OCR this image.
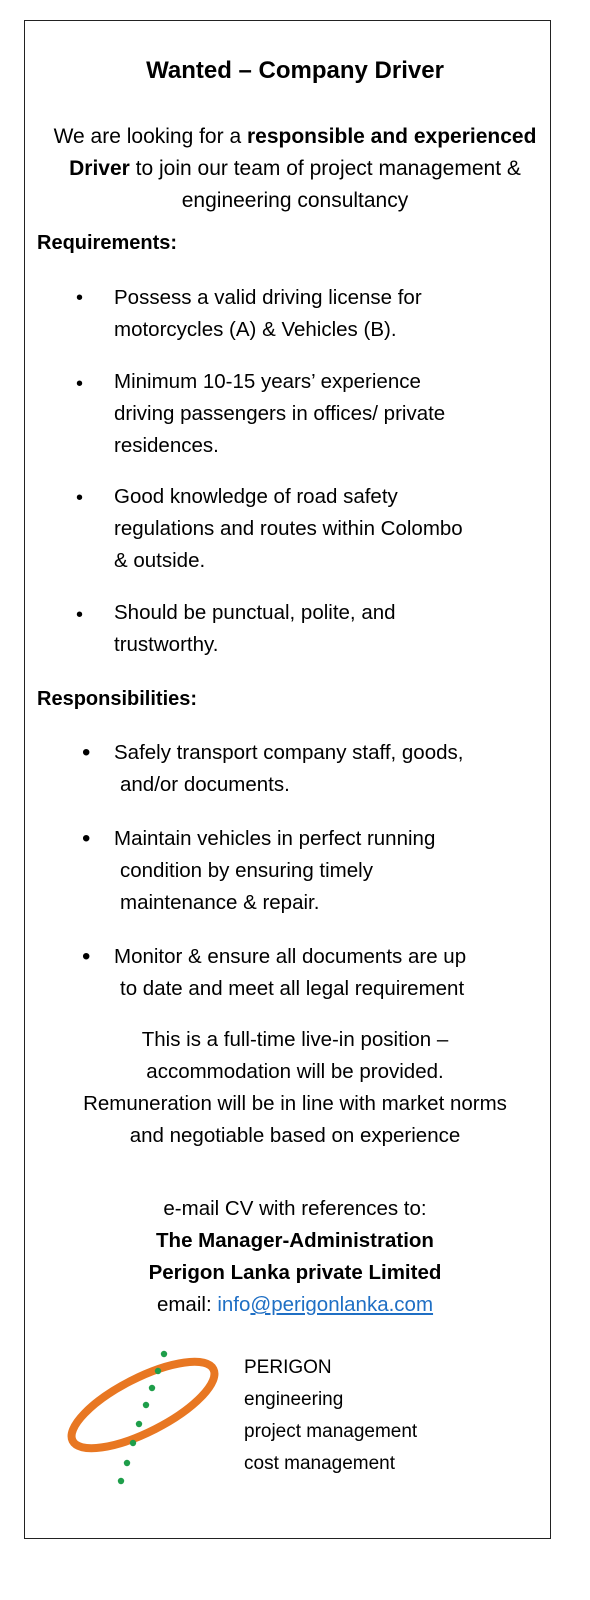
Wanted – Company Driver
We are looking for a responsible and experienced Driver to join our team of project management & engineering consultancy
Requirements:
• Possess a valid driving license for
motorcycles (A) & Vehicles (B).
• Minimum 10-15 years’ experience
driving passengers in offices/ private
residences.
• Good knowledge of road safety
regulations and routes within Colombo
& outside.
• Should be punctual, polite, and
trustworthy.
Responsibilities:
• Safely transport company staff, goods,
and/or documents.
• Maintain vehicles in perfect running
condition by ensuring timely
maintenance & repair.
• Monitor & ensure all documents are up
to date and meet all legal requirement
This is a full-time live-in position –
accommodation will be provided.
Remuneration will be in line with market norms
and negotiable based on experience
e-mail CV with references to:
The Manager-Administration
Perigon Lanka private Limited
email: info@perigonlanka.com
PERIGON
engineering
project management
cost management
